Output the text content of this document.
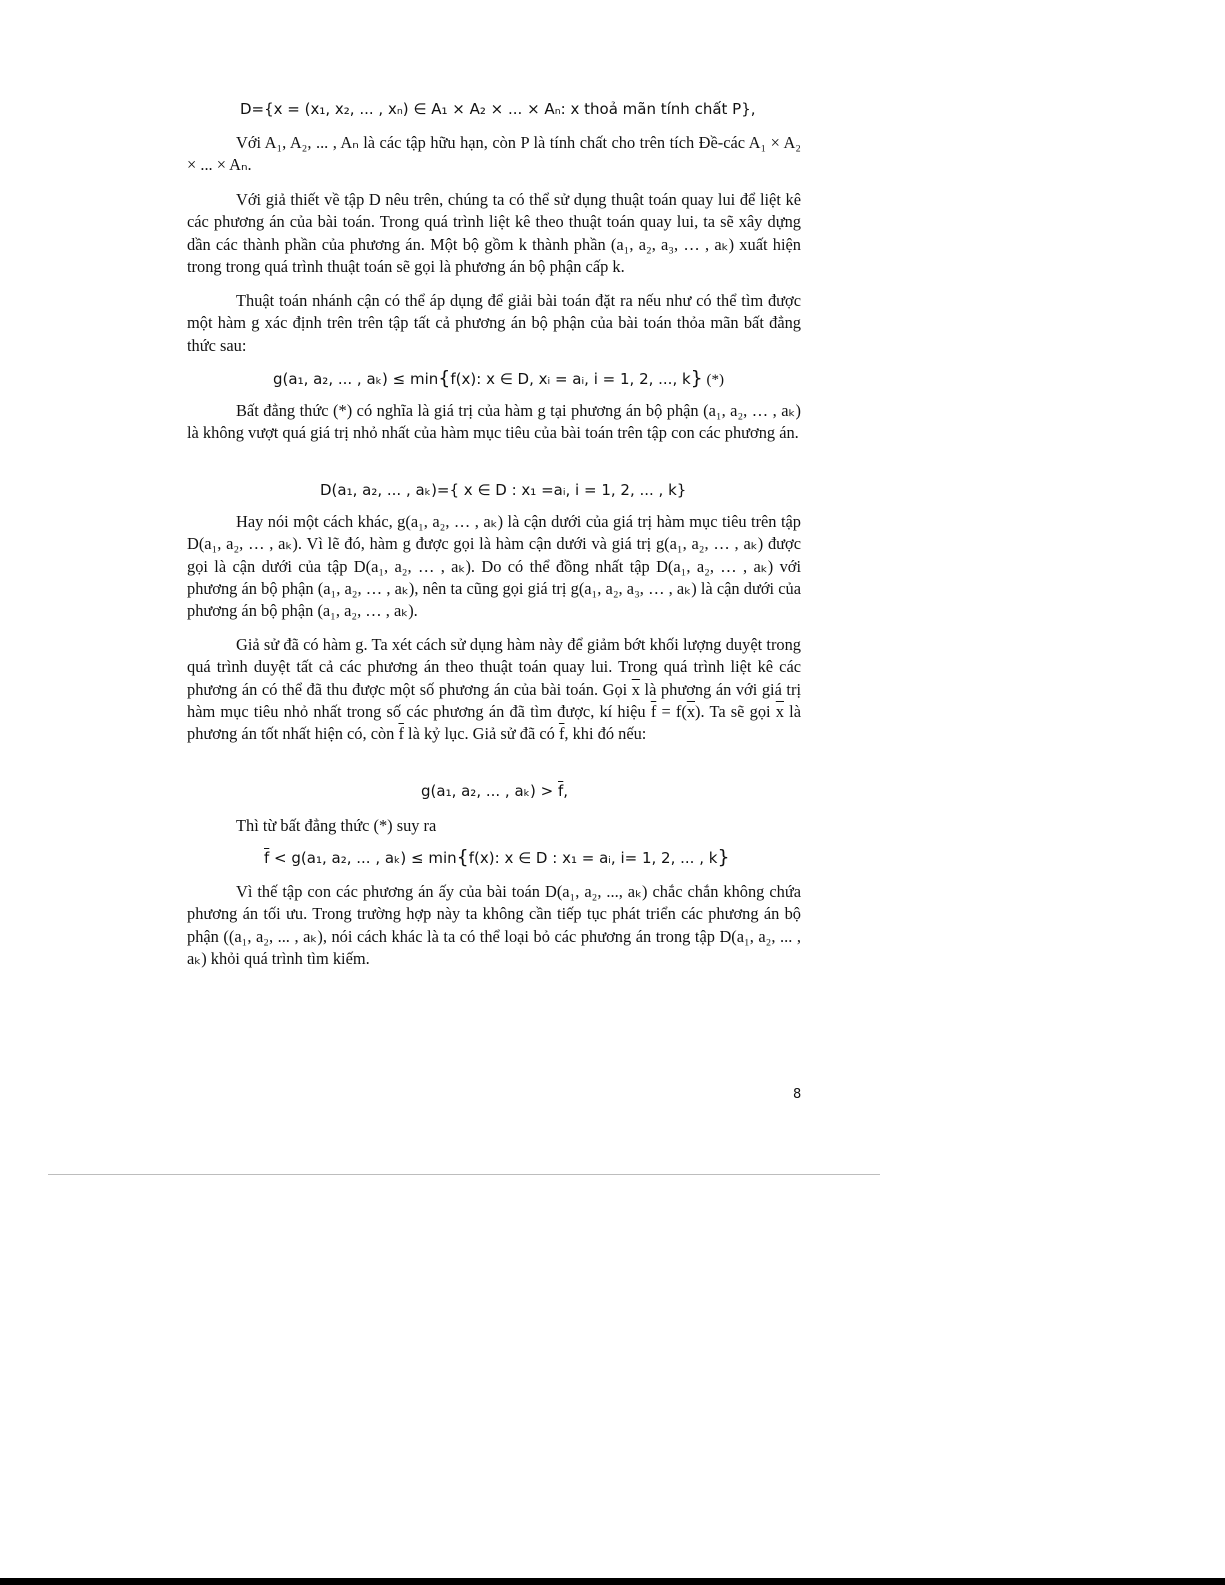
D={x = (x₁, x₂, ... , xₙ) ∈ A₁ × A₂ × ... × Aₙ: x thoả mãn tính chất P},

Với A₁, A₂, ... , Aₙ là các tập hữu hạn, còn P là tính chất cho trên tích Đề-các A₁ × A₂ × ... × Aₙ.

Với giả thiết về tập D nêu trên, chúng ta có thể sử dụng thuật toán quay lui để liệt kê các phương án của bài toán. Trong quá trình liệt kê theo thuật toán quay lui, ta sẽ xây dựng dần các thành phần của phương án. Một bộ gồm k thành phần (a₁, a₂, a₃, … , aₖ) xuất hiện trong trong quá trình thuật toán sẽ gọi là phương án bộ phận cấp k.

Thuật toán nhánh cận có thể áp dụng để giải bài toán đặt ra nếu như có thể tìm được một hàm g xác định trên trên tập tất cả phương án bộ phận của bài toán thỏa mãn bất đẳng thức sau:

g(a₁, a₂, ... , aₖ) ≤ min{f(x): x ∈ D, xᵢ = aᵢ, i = 1, 2, ..., k} (*)

Bất đẳng thức (*) có nghĩa là giá trị của hàm g tại phương án bộ phận (a₁, a₂, … , aₖ) là không vượt quá giá trị nhỏ nhất của hàm mục tiêu của bài toán trên tập con các phương án.

D(a₁, a₂, ... , aₖ)={ x ∈ D : x₁ =aᵢ, i = 1, 2, ... , k}

Hay nói một cách khác, g(a₁, a₂, … , aₖ) là cận dưới của giá trị hàm mục tiêu trên tập D(a₁, a₂, … , aₖ). Vì lẽ đó, hàm g được gọi là hàm cận dưới và giá trị g(a₁, a₂, … , aₖ) được gọi là cận dưới của tập D(a₁, a₂, … , aₖ). Do có thể đồng nhất tập D(a₁, a₂, … , aₖ) với phương án bộ phận (a₁, a₂, … , aₖ), nên ta cũng gọi giá trị g(a₁, a₂, a₃, … , aₖ) là cận dưới của phương án bộ phận (a₁, a₂, … , aₖ).

Giả sử đã có hàm g. Ta xét cách sử dụng hàm này để giảm bớt khối lượng duyệt trong quá trình duyệt tất cả các phương án theo thuật toán quay lui. Trong quá trình liệt kê các phương án có thể đã thu được một số phương án của bài toán. Gọi $\overline{x}$ là phương án với giá trị hàm mục tiêu nhỏ nhất trong số các phương án đã tìm được, kí hiệu $\overline{f} = f(\overline{x})$. Ta sẽ gọi $\overline{x}$ là phương án tốt nhất hiện có, còn $\overline{f}$ là kỷ lục. Giả sử đã có $\overline{f}$, khi đó nếu:

g(a₁, a₂, ... , $a_k) > \overline{f}$,

Thì từ bất đẳng thức (*) suy ra

$\overline{f} < g(a_1$, a₂, ... , aₖ) ≤ min{f(x): x ∈ D : x₁ = aᵢ, i= 1, 2, ... , k}

Vì thế tập con các phương án ấy của bài toán D(a₁, a₂, ..., aₖ) chắc chắn không chứa phương án tối ưu. Trong trường hợp này ta không cần tiếp tục phát triển các phương án bộ phận ((a₁, a₂, ... , aₖ), nói cách khác là ta có thể loại bỏ các phương án trong tập D(a₁, a₂, ... , aₖ) khỏi quá trình tìm kiếm.

8
